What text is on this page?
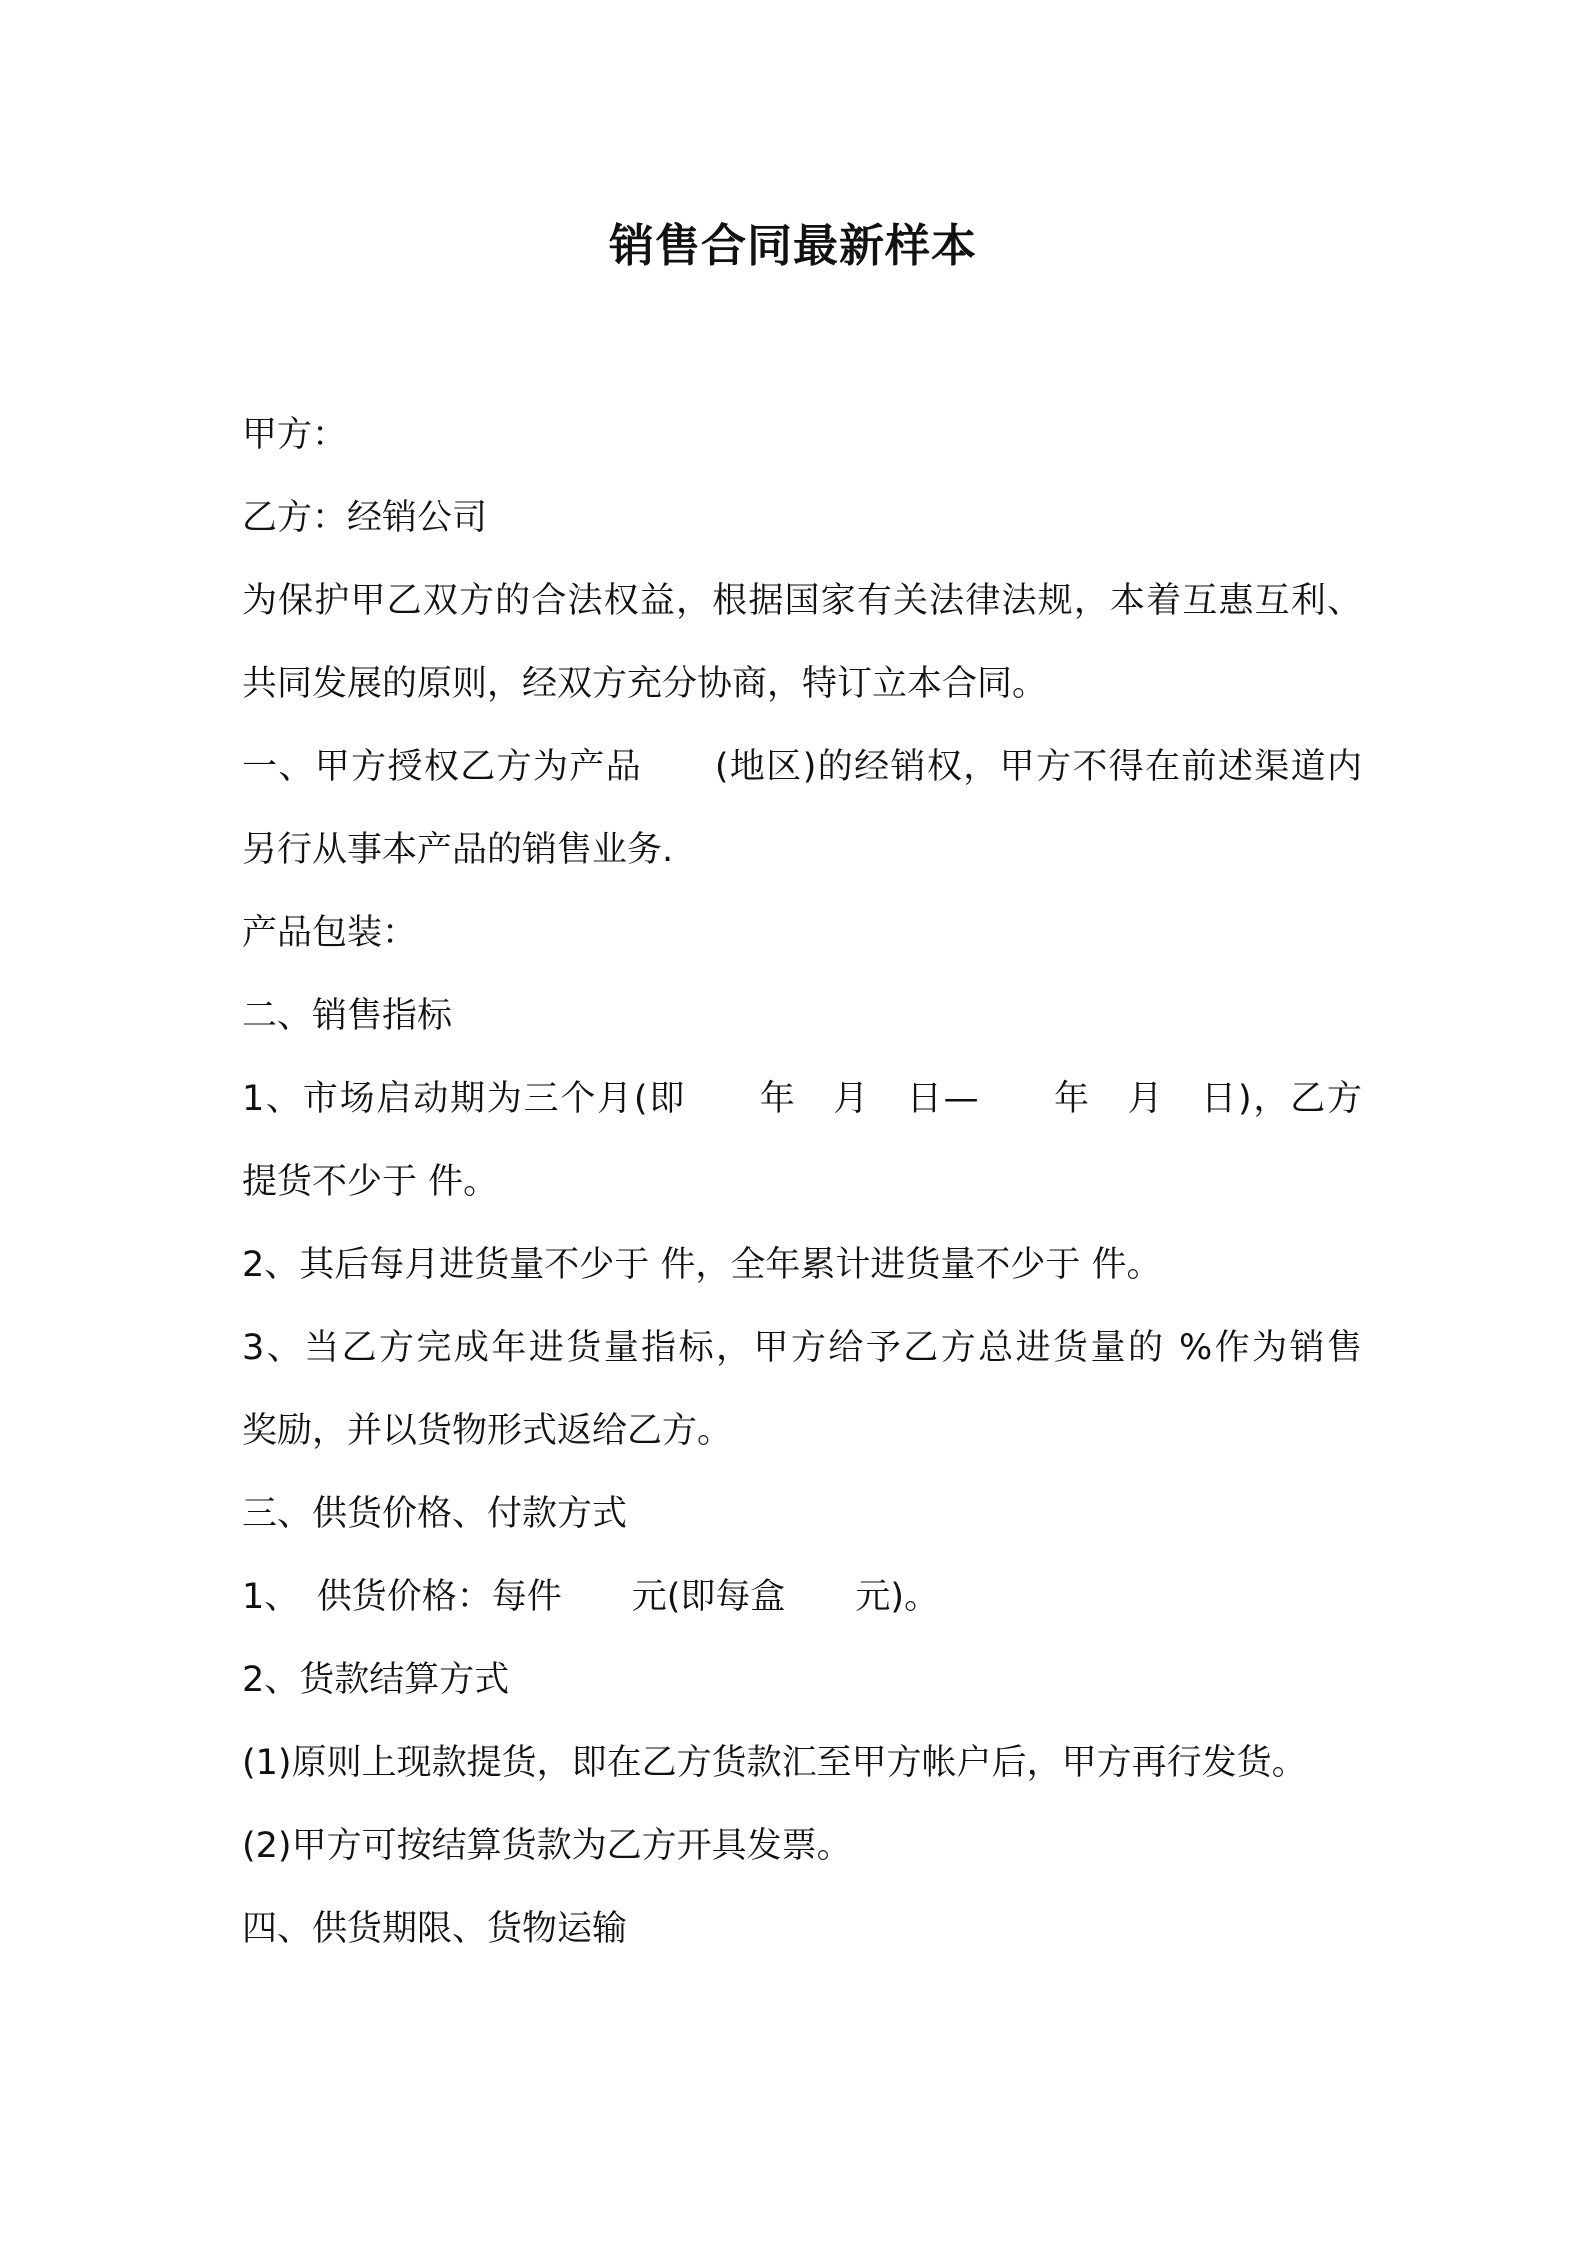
销售合同最新样本
甲方：
乙方：经销公司
为保护甲乙双方的合法权益，根据国家有关法律法规，本着互惠互利、
共同发展的原则，经双方充分协商，特订立本合同。
一、甲方授权乙方为产品　　(地区)的经销权，甲方不得在前述渠道内
另行从事本产品的销售业务.
产品包装：
二、销售指标
1、市场启动期为三个月(即　　年　月　日—　　年　月　日)，乙方
提货不少于 件。
2、其后每月进货量不少于 件，全年累计进货量不少于 件。
3、当乙方完成年进货量指标，甲方给予乙方总进货量的 %作为销售
奖励，并以货物形式返给乙方。
三、供货价格、付款方式
1、　供货价格：每件　　元(即每盒　　元)。
2、货款结算方式
(1)原则上现款提货，即在乙方货款汇至甲方帐户后，甲方再行发货。
(2)甲方可按结算货款为乙方开具发票。
四、供货期限、货物运输
